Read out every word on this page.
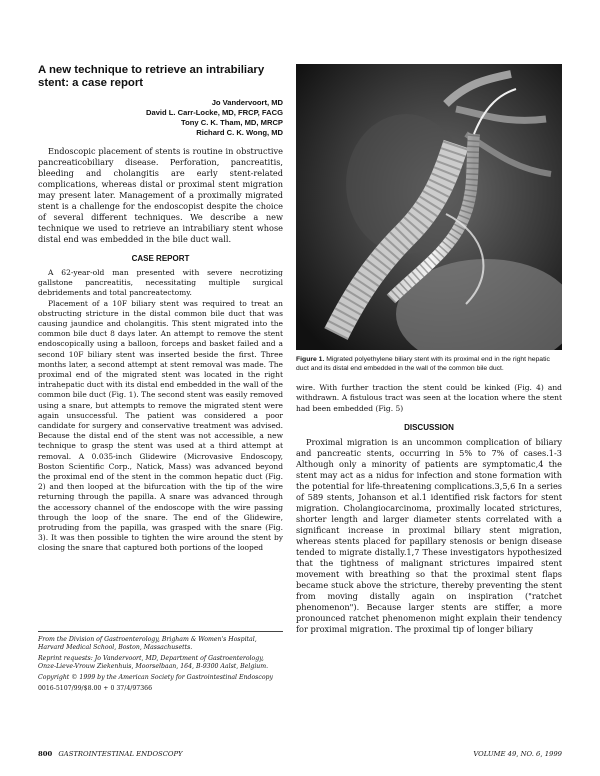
A new technique to retrieve an intrabiliary stent: a case report
Jo Vandervoort, MD
David L. Carr-Locke, MD, FRCP, FACG
Tony C. K. Tham, MD, MRCP
Richard C. K. Wong, MD

Endoscopic placement of stents is routine in obstructive pancreaticobiliary disease. Perforation, pancreatitis, bleeding and cholangitis are early stent-related complications, whereas distal or proximal stent migration may present later. Management of a proximally migrated stent is a challenge for the endoscopist despite the choice of several different techniques. We describe a new technique we used to retrieve an intrabiliary stent whose distal end was embedded in the bile duct wall.

CASE REPORT

A 62-year-old man presented with severe necrotizing gallstone pancreatitis, necessitating multiple surgical debridements and total pancreatectomy.

Placement of a 10F biliary stent was required to treat an obstructing stricture in the distal common bile duct that was causing jaundice and cholangitis. This stent migrated into the common bile duct 8 days later. An attempt to remove the stent endoscopically using a balloon, forceps and basket failed and a second 10F biliary stent was inserted beside the first. Three months later, a second attempt at stent removal was made. The proximal end of the migrated stent was located in the right intrahepatic duct with its distal end embedded in the wall of the common bile duct (Fig. 1). The second stent was easily removed using a snare, but attempts to remove the migrated stent were again unsuccessful. The patient was considered a poor candidate for surgery and conservative treatment was advised. Because the distal end of the stent was not accessible, a new technique to grasp the stent was used at a third attempt at removal. A 0.035-inch Glidewire (Microvasive Endoscopy, Boston Scientific Corp., Natick, Mass) was advanced beyond the proximal end of the stent in the common hepatic duct (Fig. 2) and then looped at the bifurcation with the tip of the wire returning through the papilla. A snare was advanced through the accessory channel of the endoscope with the wire passing through the loop of the snare. The end of the Glidewire, protruding from the papilla, was grasped with the snare (Fig. 3). It was then possible to tighten the wire around the stent by closing the snare that captured both portions of the looped

From the Division of Gastroenterology, Brigham & Women's Hospital, Harvard Medical School, Boston, Massachusetts.
Reprint requests: Jo Vandervoort, MD, Department of Gastroenterology, Onze-Lieve-Vrouw Ziekenhuis, Moorselbaan, 164, B-9300 Aalst, Belgium.
Copyright © 1999 by the American Society for Gastrointestinal Endoscopy
0016-5107/99/$8.00 + 0 37/4/97366
Figure 1. Migrated polyethylene biliary stent with its proximal end in the right hepatic duct and its distal end embedded in the wall of the common bile duct.

wire. With further traction the stent could be kinked (Fig. 4) and withdrawn. A fistulous tract was seen at the location where the stent had been embedded (Fig. 5)

DISCUSSION

Proximal migration is an uncommon complication of biliary and pancreatic stents, occurring in 5% to 7% of cases.1-3 Although only a minority of patients are symptomatic,4 the stent may act as a nidus for infection and stone formation with the potential for life-threatening complications.3,5,6 In a series of 589 stents, Johanson et al.1 identified risk factors for stent migration. Cholangiocarcinoma, proximally located strictures, shorter length and larger diameter stents correlated with a significant increase in proximal biliary stent migration, whereas stents placed for papillary stenosis or benign disease tended to migrate distally.1,7 These investigators hypothesized that the tightness of malignant strictures impaired stent movement with breathing so that the proximal stent flaps became stuck above the stricture, thereby preventing the stent from moving distally again on inspiration ("ratchet phenomenon"). Because larger stents are stiffer, a more pronounced ratchet phenomenon might explain their tendency for proximal migration. The proximal tip of longer biliary

800 GASTROINTESTINAL ENDOSCOPY	VOLUME 49, NO. 6, 1999
